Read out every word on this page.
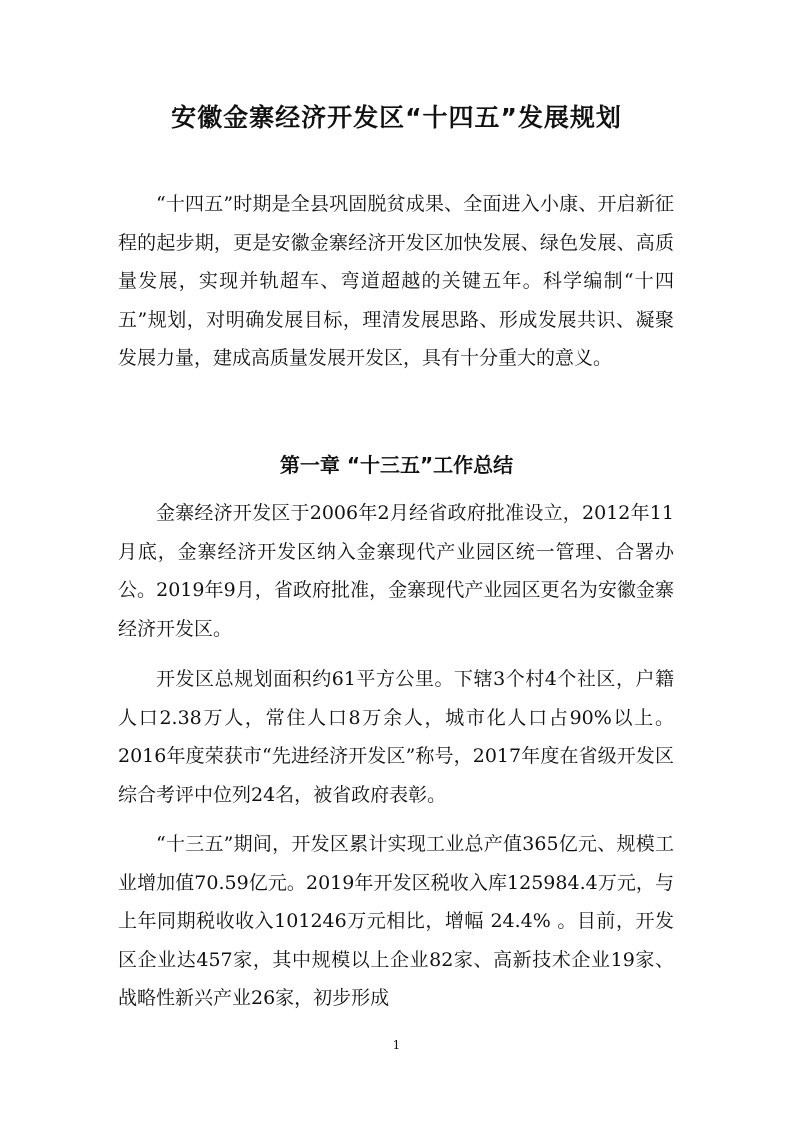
安徽金寨经济开发区“十四五”发展规划

“十四五”时期是全县巩固脱贫成果、全面进入小康、开启新征程的起步期，更是安徽金寨经济开发区加快发展、绿色发展、高质量发展，实现并轨超车、弯道超越的关键五年。科学编制“十四五”规划，对明确发展目标，理清发展思路、形成发展共识、凝聚发展力量，建成高质量发展开发区，具有十分重大的意义。

第一章 “十三五”工作总结

金寨经济开发区于2006年2月经省政府批准设立，2012年11月底，金寨经济开发区纳入金寨现代产业园区统一管理、合署办公。2019年9月，省政府批准，金寨现代产业园区更名为安徽金寨经济开发区。

开发区总规划面积约61平方公里。下辖3个村4个社区，户籍人口2.38万人，常住人口8万余人，城市化人口占90%以上。2016年度荣获市“先进经济开发区”称号，2017年度在省级开发区综合考评中位列24名，被省政府表彰。

“十三五”期间，开发区累计实现工业总产值365亿元、规模工业增加值70.59亿元。2019年开发区税收入库125984.4万元，与上年同期税收收入101246万元相比，增幅 24.4% 。目前，开发区企业达457家，其中规模以上企业82家、高新技术企业19家、战略性新兴产业26家，初步形成

1
